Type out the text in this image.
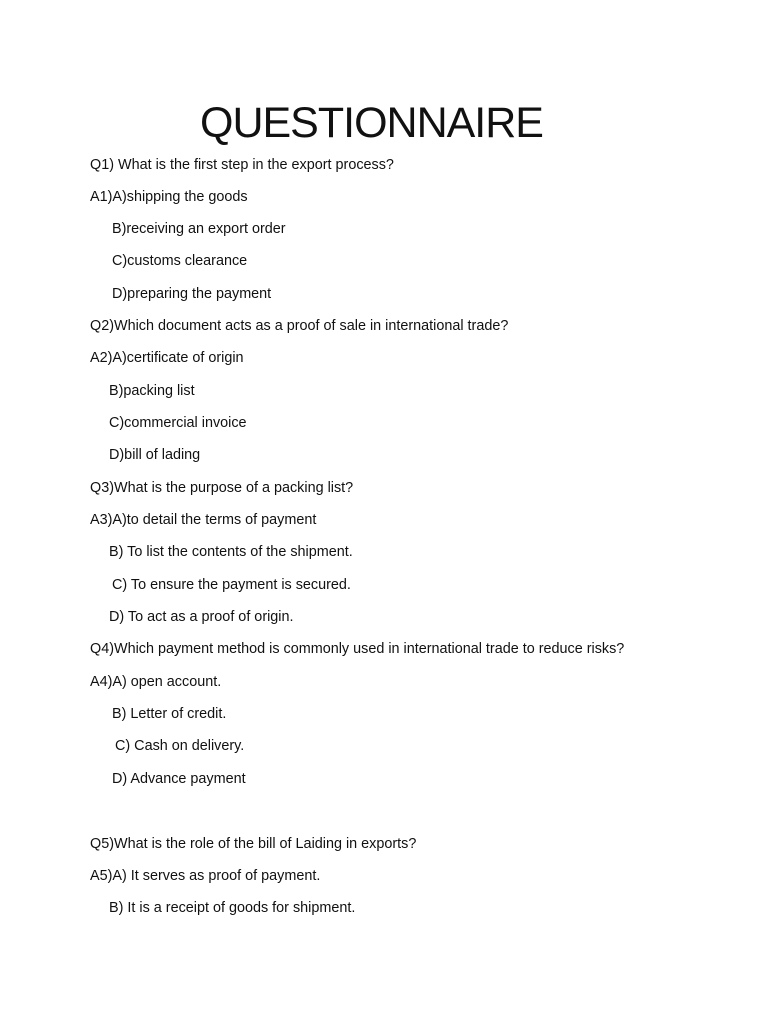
QUESTIONNAIRE
Q1) What is the first step in the export process?
A1)A)shipping the goods
B)receiving an export order
C)customs clearance
D)preparing the payment
Q2)Which document acts as a proof of sale in international trade?
A2)A)certificate of origin
B)packing list
C)commercial invoice
D)bill of lading
Q3)What is the purpose of a packing list?
A3)A)to detail the terms of payment
B) To list the contents of the shipment.
C) To ensure the payment is secured.
D) To act as a proof of origin.
Q4)Which payment method is commonly used in international trade to reduce risks?
A4)A) open account.
B) Letter of credit.
C) Cash on delivery.
D) Advance payment
Q5)What is the role of the bill of Laiding in exports?
A5)A) It serves as proof of payment.
B) It is a receipt of goods for shipment.
